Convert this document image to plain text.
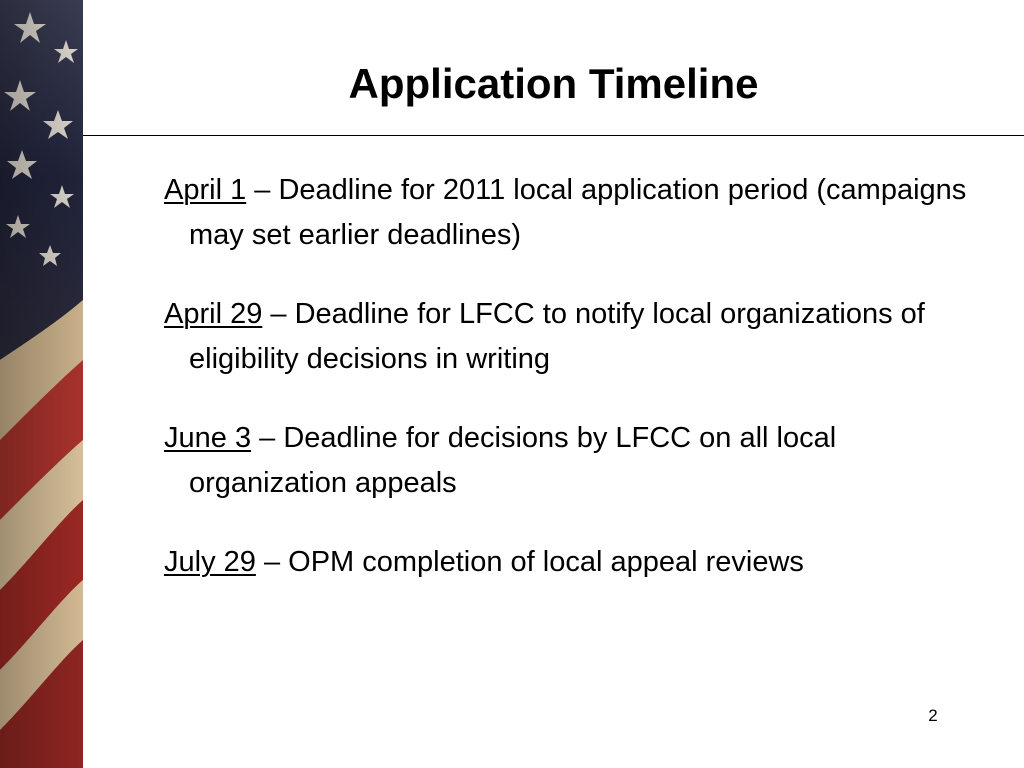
Application Timeline
April 1 – Deadline for 2011 local application period (campaigns may set earlier deadlines)
April 29 – Deadline for LFCC to notify local organizations of eligibility decisions in writing
June 3 – Deadline for decisions by LFCC on all local organization appeals
July 29 – OPM completion of local appeal reviews
2
